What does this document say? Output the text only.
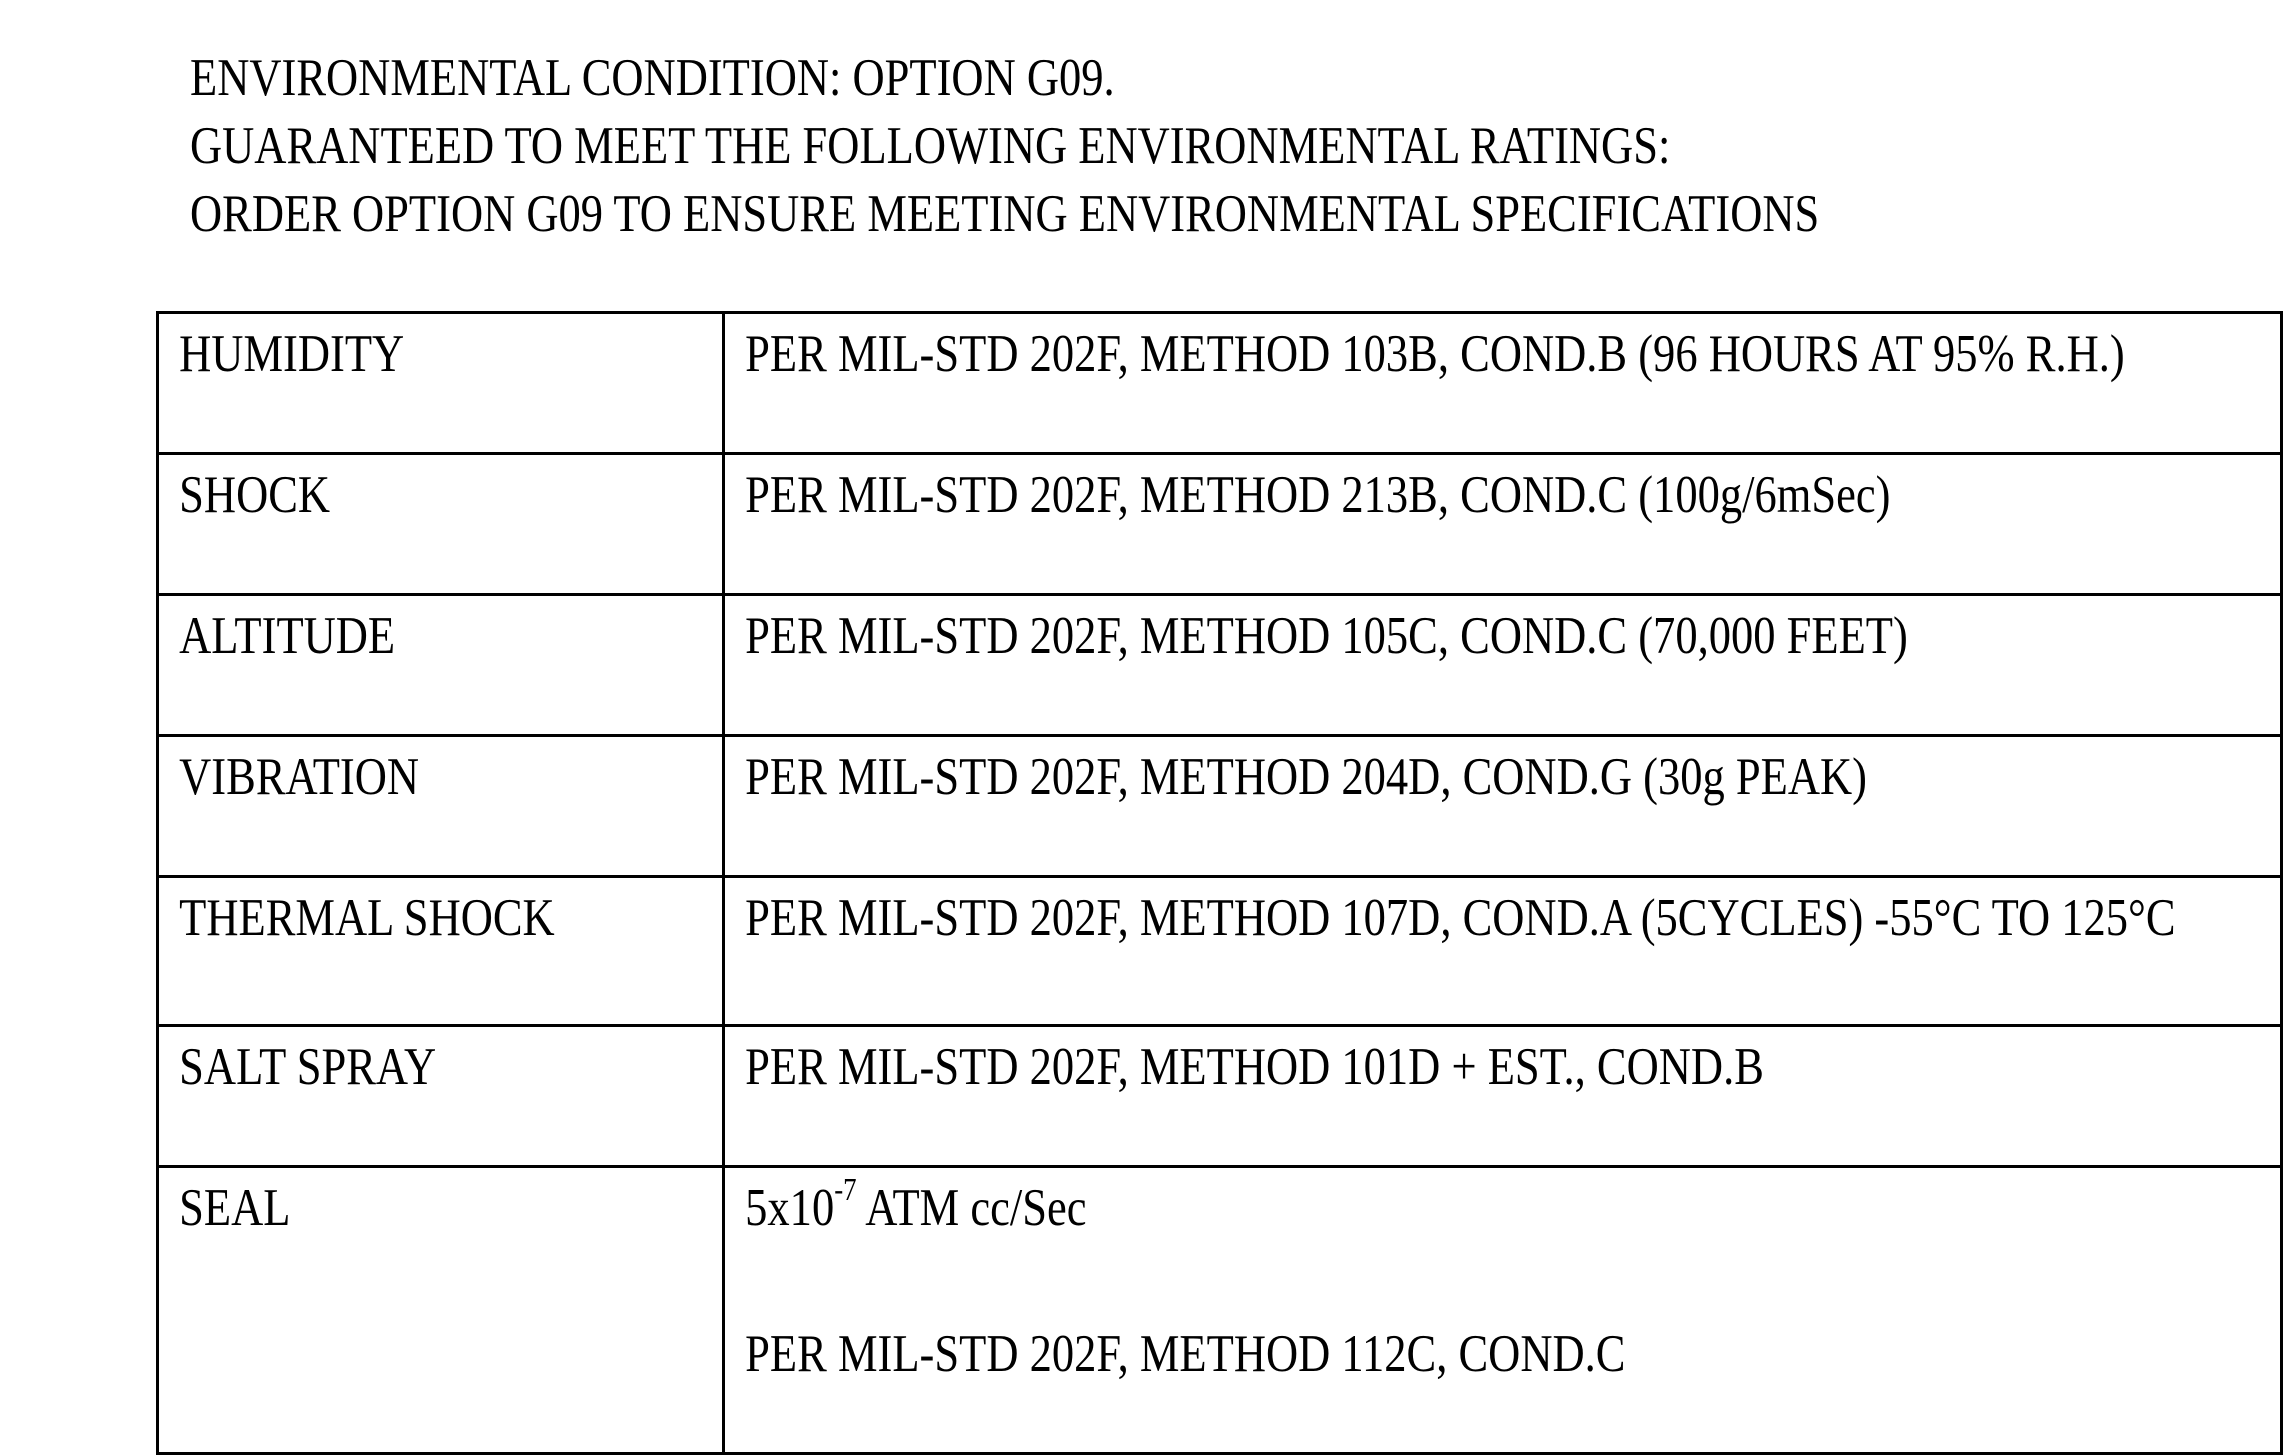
ENVIRONMENTAL CONDITION: OPTION G09.
GUARANTEED TO MEET THE FOLLOWING ENVIRONMENTAL RATINGS:
ORDER OPTION G09 TO ENSURE MEETING ENVIRONMENTAL SPECIFICATIONS
HUMIDITY	PER MIL-STD 202F, METHOD 103B, COND.B (96 HOURS AT 95% R.H.)

SHOCK	PER MIL-STD 202F, METHOD 213B, COND.C (100g/6mSec)

ALTITUDE	PER MIL-STD 202F, METHOD 105C, COND.C (70,000 FEET)

VIBRATION	PER MIL-STD 202F, METHOD 204D, COND.G (30g PEAK)

THERMAL SHOCK	PER MIL-STD 202F, METHOD 107D, COND.A (5CYCLES) -55°C TO 125°C

SALT SPRAY	PER MIL-STD 202F, METHOD 101D + EST., COND.B

SEAL	$5x10^{-7}$ ATM cc/Sec
PER MIL-STD 202F, METHOD 112C, COND.C
